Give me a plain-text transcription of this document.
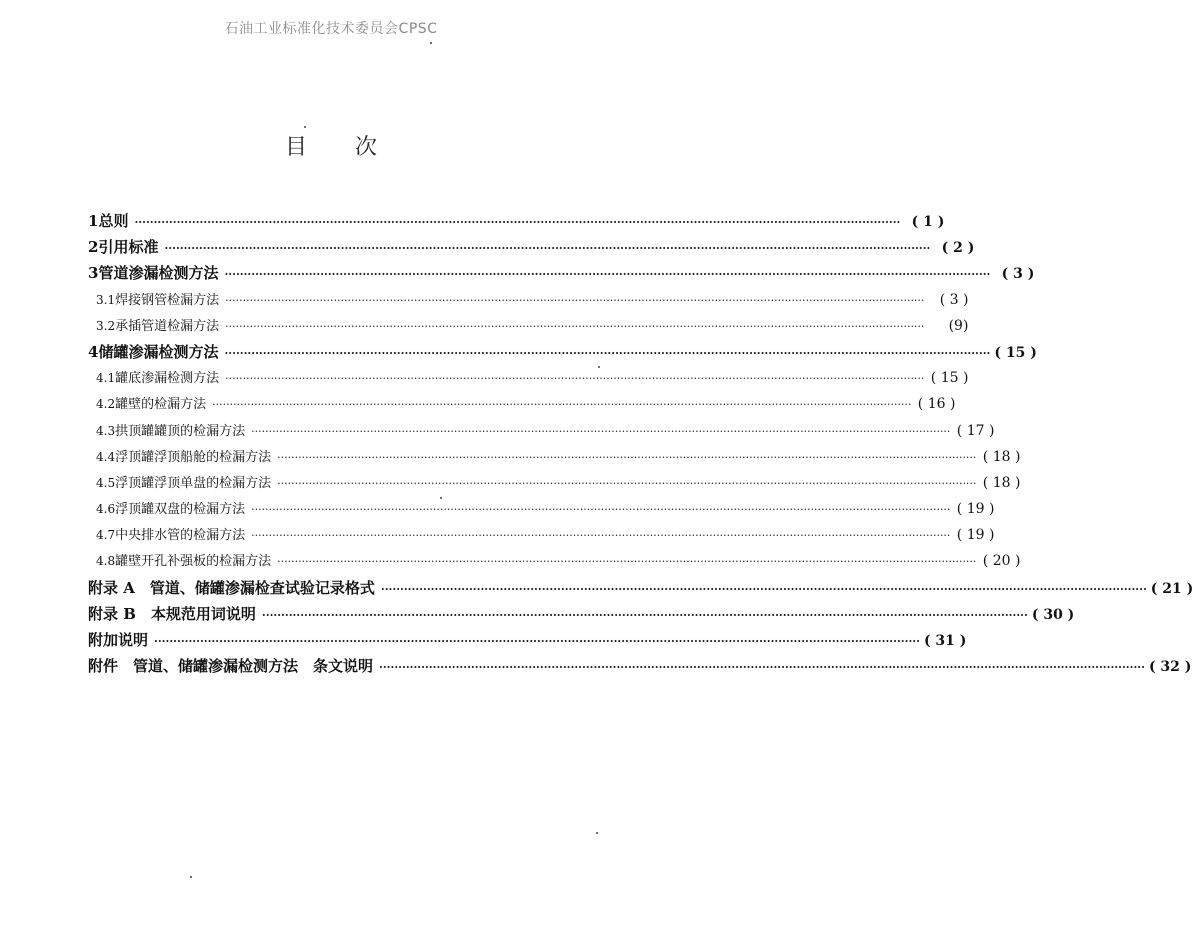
石油工业标准化技术委员会CPSC
目次
1 总则 ········································································································································································································ ( 1 )
2 引用标准 ········································································································································································································ ( 2 )
3 管道渗漏检测方法 ········································································································································································································ ( 3 )
3.1 焊接钢管检漏方法 ········································································································································································································	( 3 )
3.2 承插管道检漏方法 ········································································································································································································	(9)
4 储罐渗漏检测方法 ········································································································································································································ ( 15 )
4.1 罐底渗漏检测方法 ········································································································································································································ ( 15 )
4.2 罐壁的检漏方法 ········································································································································································································ ( 16 )
4.3 拱顶罐罐顶的检漏方法 ········································································································································································································ ( 17 )
4.4 浮顶罐浮顶船舱的检漏方法 ········································································································································································································ ( 18 )
4.5 浮顶罐浮顶单盘的检漏方法 ········································································································································································································ ( 18 )
4.6 浮顶罐双盘的检漏方法 ········································································································································································································ ( 19 )
4.7 中央排水管的检漏方法 ········································································································································································································ ( 19 )
4.8 罐壁开孔补强板的检漏方法 ········································································································································································································ ( 20 )
附录 A　管道、储罐渗漏检查试验记录格式 ········································································································································································································ ( 21 )
附录 B　本规范用词说明 ········································································································································································································ ( 30 )
附加说明 ········································································································································································································ ( 31 )
附件　管道、储罐渗漏检测方法　条文说明 ········································································································································································································ ( 32 )
